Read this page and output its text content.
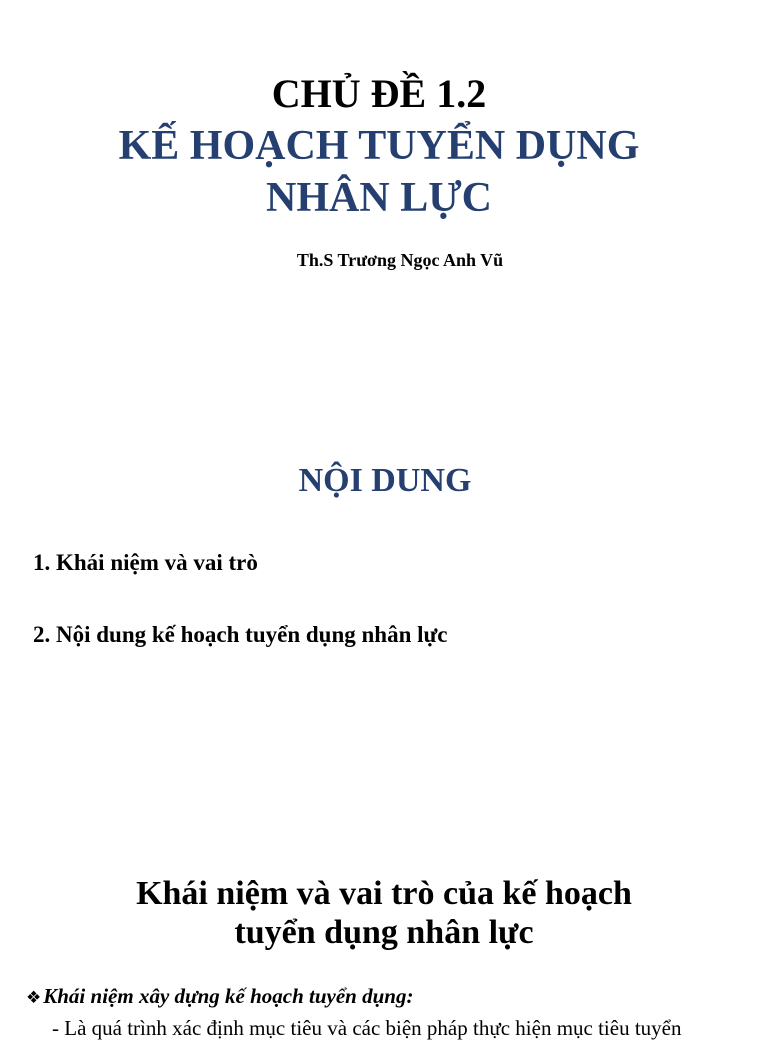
CHỦ ĐỀ 1.2
KẾ HOẠCH TUYỂN DỤNG
NHÂN LỰC
Th.S Trương Ngọc Anh Vũ
NỘI DUNG
1. Khái niệm và vai trò
2. Nội dung kế hoạch tuyển dụng nhân lực
Khái niệm và vai trò của kế hoạch
tuyển dụng nhân lực
❖Khái niệm xây dựng kế hoạch tuyển dụng:
- Là quá trình xác định mục tiêu và các biện pháp thực hiện mục tiêu tuyển
